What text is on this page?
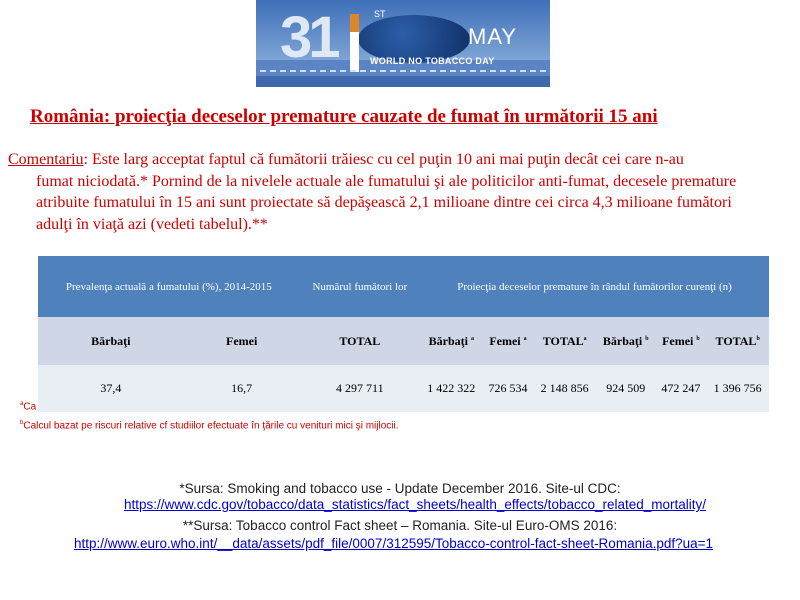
31	ST
MAY
WORLD NO TOBACCO DAY
România: proiecţia deceselor premature cauzate de fumat în următorii 15 ani
Comentariu: Este larg acceptat faptul că fumătorii trăiesc cu cel puţin 10 ani mai puţin decât cei care n-au
fumat niciodată.* Pornind de la nivelele actuale ale fumatului şi ale politicilor anti-fumat, decesele premature atribuite fumatului în 15 ani sunt proiectate să depăşească 2,1 milioane dintre cei circa 4,3 milioane fumători adulţi în viaţă azi (vedeti tabelul).**
Prevalenţa actuală a fumatului (%), 2014-2015		Numărul fumători lor	Proiecţia deceselor premature în rândul fumătorilor curenţi (n)					
Bărbaţi	Femei	TOTAL	Bărbaţi $^a$	Femei $^a$	TOTAL$^a$	Bărbaţi $^b$	Femei $^b$	TOTAL$^b$
37,4	16,7	4 297 711	1 422 322	726 534	2 148 856	924 509	472 247	1 396 756
$^a$Ca
$^b$Calcul bazat pe riscuri relative cf studiilor efectuate în ţările cu venituri mici şi mijlocii.
*Sursa: Smoking and tobacco use - Update December 2016. Site-ul CDC:
https://www.cdc.gov/tobacco/data_statistics/fact_sheets/health_effects/tobacco_related_mortality/
**Sursa: Tobacco control Fact sheet – Romania. Site-ul Euro-OMS 2016:
http://www.euro.who.int/__data/assets/pdf_file/0007/312595/Tobacco-control-fact-sheet-Romania.pdf?ua=1
